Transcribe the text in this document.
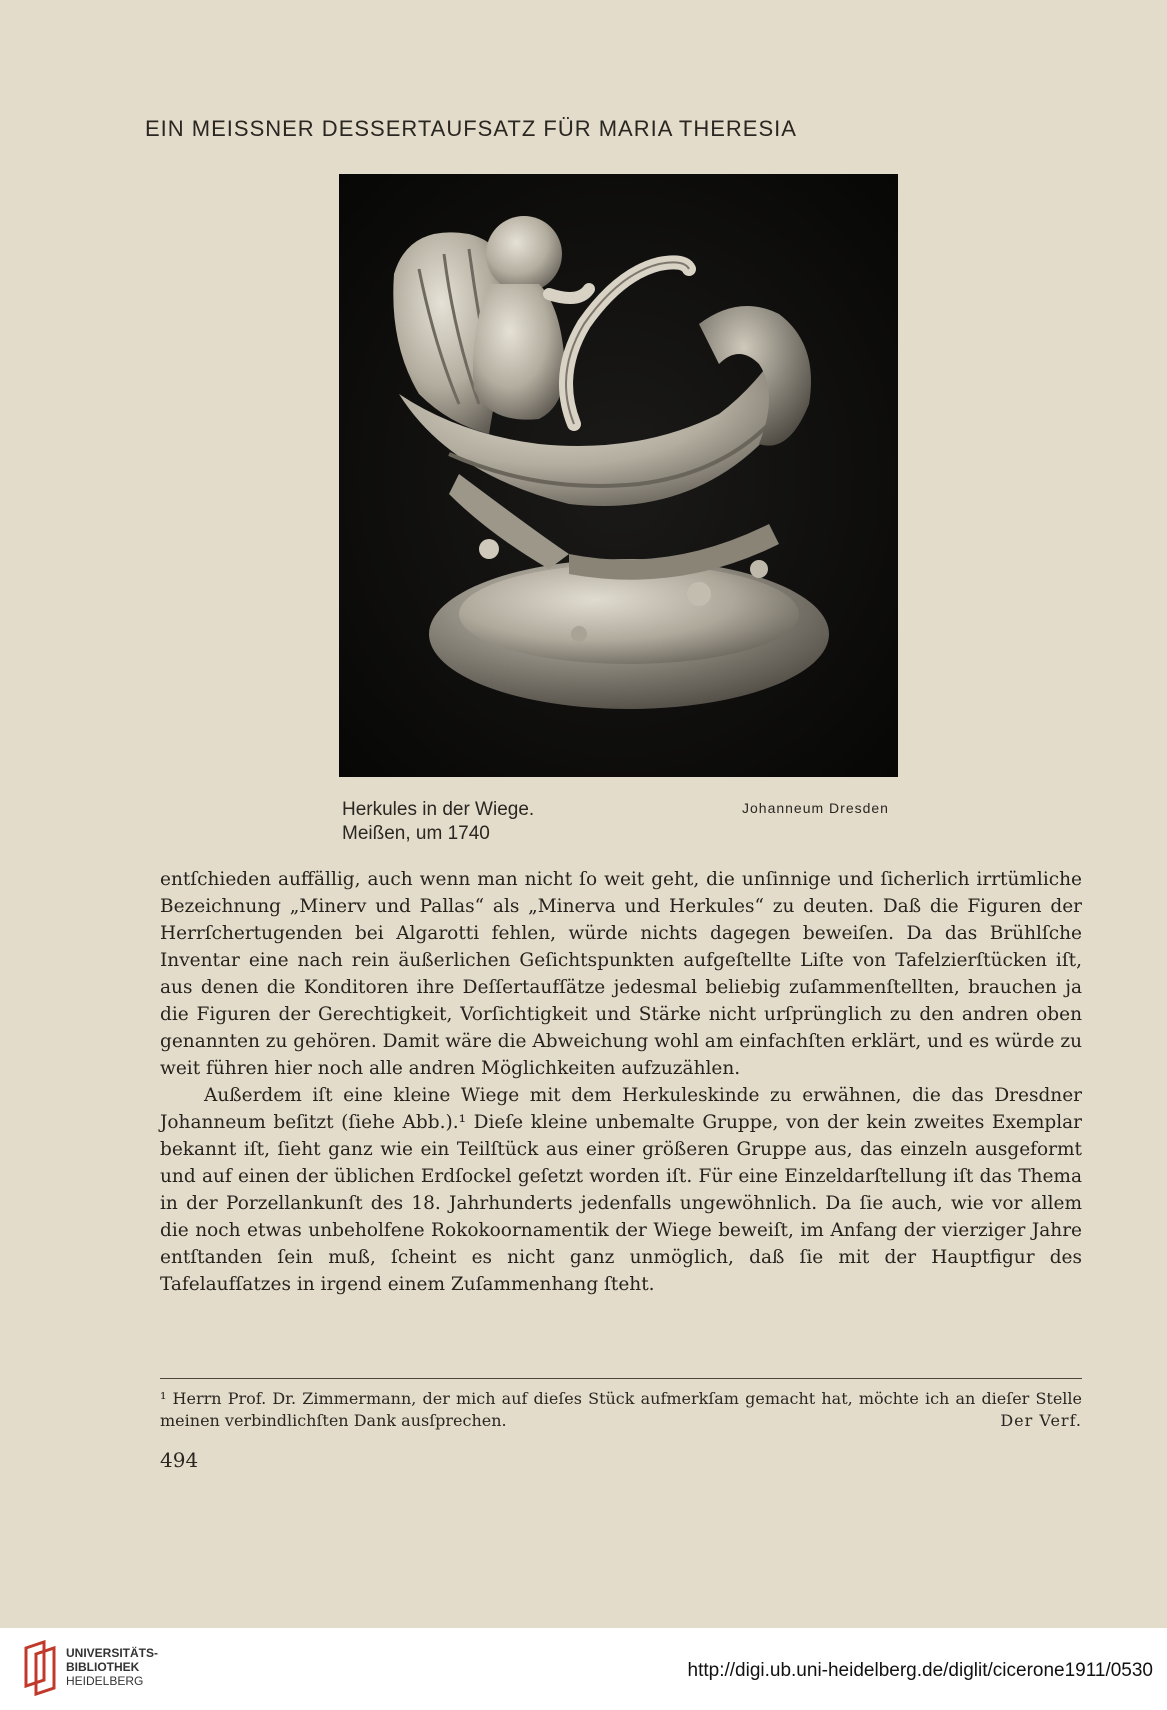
EIN MEISSNER DESSERTAUFSATZ FÜR MARIA THERESIA
Herkules in der Wiege.
Meißen, um 1740
Johanneum Dresden

entſchieden auffällig, auch wenn man nicht ſo weit geht, die unſinnige und ſicherlich irrtümliche Bezeichnung „Minerv und Pallas“ als „Minerva und Herkules“ zu deuten. Daß die Figuren der Herrſchertugenden bei Algarotti fehlen, würde nichts dagegen beweiſen. Da das Brühlſche Inventar eine nach rein äußerlichen Geſichtspunkten aufgeſtellte Liſte von Tafelzierſtücken iſt, aus denen die Konditoren ihre Deſſertaufſätze jedesmal beliebig zuſammenſtellten, brauchen ja die Figuren der Gerechtigkeit, Vorſichtigkeit und Stärke nicht urſprünglich zu den andren oben genannten zu gehören. Damit wäre die Abweichung wohl am einfachſten erklärt, und es würde zu weit führen hier noch alle andren Möglichkeiten aufzuzählen.

Außerdem iſt eine kleine Wiege mit dem Herkuleskinde zu erwähnen, die das Dresdner Johanneum beſitzt (ſiehe Abb.).¹ Dieſe kleine unbemalte Gruppe, von der kein zweites Exemplar bekannt iſt, ſieht ganz wie ein Teilſtück aus einer größeren Gruppe aus, das einzeln ausgeformt und auf einen der üblichen Erdſockel geſetzt worden iſt. Für eine Einzeldarſtellung iſt das Thema in der Porzellankunſt des 18. Jahrhunderts jedenfalls ungewöhnlich. Da ſie auch, wie vor allem die noch etwas unbeholfene Rokokoornamentik der Wiege beweiſt, im Anfang der vierziger Jahre entſtanden ſein muß, ſcheint es nicht ganz unmöglich, daß ſie mit der Hauptfigur des Tafelaufſatzes in irgend einem Zuſammenhang ſteht.

¹ Herrn Prof. Dr. Zimmermann, der mich auf dieſes Stück aufmerkſam gemacht hat, möchte ich an dieſer Stelle meinen verbindlichſten Dank ausſprechen.	Der Verf.
494
UNIVERSITÄTS-
BIBLIOTHEK
HEIDELBERG	http://digi.ub.uni-heidelberg.de/diglit/cicerone1911/0530
